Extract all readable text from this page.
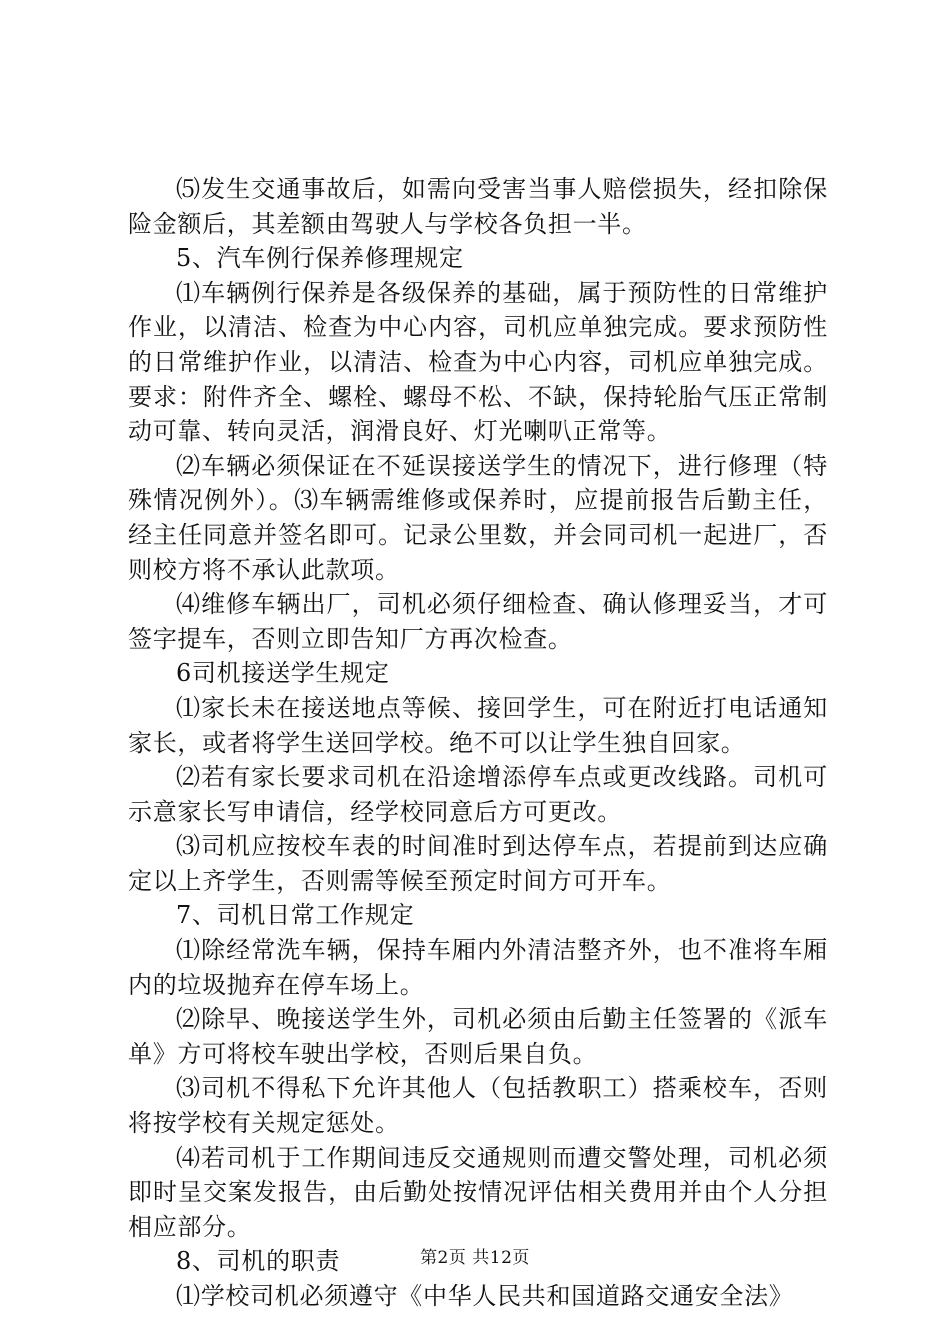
⑸发生交通事故后，如需向受害当事人赔偿损失，经扣除保险金额后，其差额由驾驶人与学校各负担一半。

5、汽车例行保养修理规定

⑴车辆例行保养是各级保养的基础，属于预防性的日常维护作业，以清洁、检查为中心内容，司机应单独完成。要求预防性的日常维护作业，以清洁、检查为中心内容，司机应单独完成。要求：附件齐全、螺栓、螺母不松、不缺，保持轮胎气压正常制动可靠、转向灵活，润滑良好、灯光喇叭正常等。

⑵车辆必须保证在不延误接送学生的情况下，进行修理（特殊情况例外）。⑶车辆需维修或保养时，应提前报告后勤主任，经主任同意并签名即可。记录公里数，并会同司机一起进厂，否则校方将不承认此款项。

⑷维修车辆出厂，司机必须仔细检查、确认修理妥当，才可签字提车，否则立即告知厂方再次检查。

6司机接送学生规定

⑴家长未在接送地点等候、接回学生，可在附近打电话通知家长，或者将学生送回学校。绝不可以让学生独自回家。

⑵若有家长要求司机在沿途增添停车点或更改线路。司机可示意家长写申请信，经学校同意后方可更改。

⑶司机应按校车表的时间准时到达停车点，若提前到达应确定以上齐学生，否则需等候至预定时间方可开车。

7、司机日常工作规定

⑴除经常洗车辆，保持车厢内外清洁整齐外，也不准将车厢内的垃圾抛弃在停车场上。

⑵除早、晚接送学生外，司机必须由后勤主任签署的《派车单》方可将校车驶出学校，否则后果自负。

⑶司机不得私下允许其他人（包括教职工）搭乘校车，否则将按学校有关规定惩处。

⑷若司机于工作期间违反交通规则而遭交警处理，司机必须即时呈交案发报告，由后勤处按情况评估相关费用并由个人分担相应部分。

8、司机的职责

⑴学校司机必须遵守《中华人民共和国道路交通安全法》

第2页 共12页
